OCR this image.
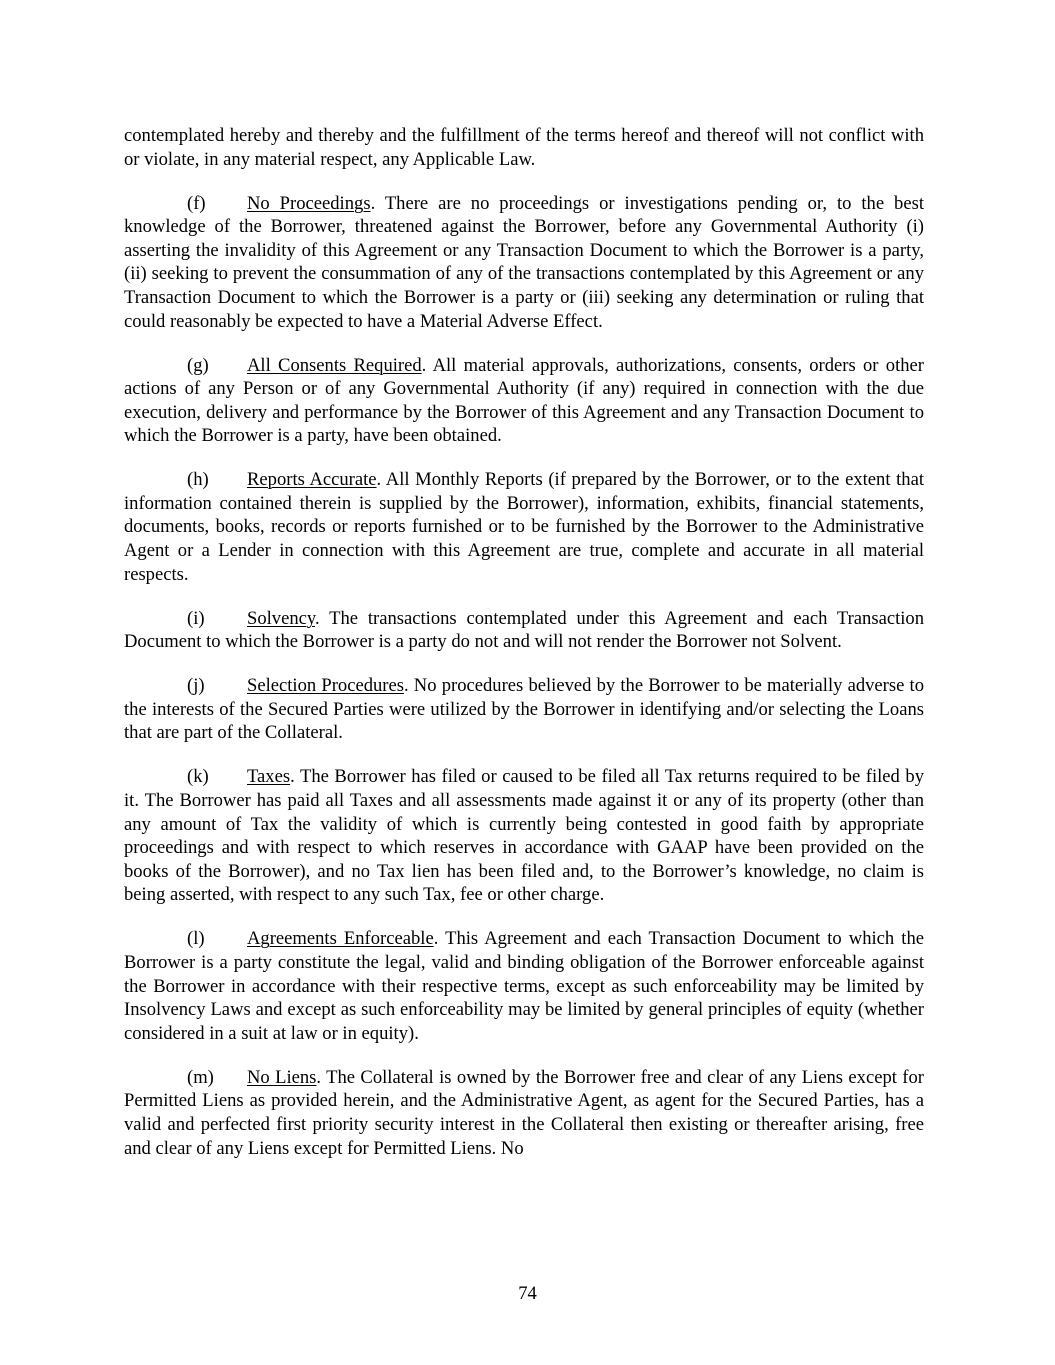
contemplated hereby and thereby and the fulfillment of the terms hereof and thereof will not conflict with or violate, in any material respect, any Applicable Law.

(f) No Proceedings. There are no proceedings or investigations pending or, to the best knowledge of the Borrower, threatened against the Borrower, before any Governmental Authority (i) asserting the invalidity of this Agreement or any Transaction Document to which the Borrower is a party, (ii) seeking to prevent the consummation of any of the transactions contemplated by this Agreement or any Transaction Document to which the Borrower is a party or (iii) seeking any determination or ruling that could reasonably be expected to have a Material Adverse Effect.

(g) All Consents Required. All material approvals, authorizations, consents, orders or other actions of any Person or of any Governmental Authority (if any) required in connection with the due execution, delivery and performance by the Borrower of this Agreement and any Transaction Document to which the Borrower is a party, have been obtained.

(h) Reports Accurate. All Monthly Reports (if prepared by the Borrower, or to the extent that information contained therein is supplied by the Borrower), information, exhibits, financial statements, documents, books, records or reports furnished or to be furnished by the Borrower to the Administrative Agent or a Lender in connection with this Agreement are true, complete and accurate in all material respects.

(i) Solvency. The transactions contemplated under this Agreement and each Transaction Document to which the Borrower is a party do not and will not render the Borrower not Solvent.

(j) Selection Procedures. No procedures believed by the Borrower to be materially adverse to the interests of the Secured Parties were utilized by the Borrower in identifying and/or selecting the Loans that are part of the Collateral.

(k) Taxes. The Borrower has filed or caused to be filed all Tax returns required to be filed by it. The Borrower has paid all Taxes and all assessments made against it or any of its property (other than any amount of Tax the validity of which is currently being contested in good faith by appropriate proceedings and with respect to which reserves in accordance with GAAP have been provided on the books of the Borrower), and no Tax lien has been filed and, to the Borrower’s knowledge, no claim is being asserted, with respect to any such Tax, fee or other charge.

(l) Agreements Enforceable. This Agreement and each Transaction Document to which the Borrower is a party constitute the legal, valid and binding obligation of the Borrower enforceable against the Borrower in accordance with their respective terms, except as such enforceability may be limited by Insolvency Laws and except as such enforceability may be limited by general principles of equity (whether considered in a suit at law or in equity).

(m) No Liens. The Collateral is owned by the Borrower free and clear of any Liens except for Permitted Liens as provided herein, and the Administrative Agent, as agent for the Secured Parties, has a valid and perfected first priority security interest in the Collateral then existing or thereafter arising, free and clear of any Liens except for Permitted Liens. No

74
